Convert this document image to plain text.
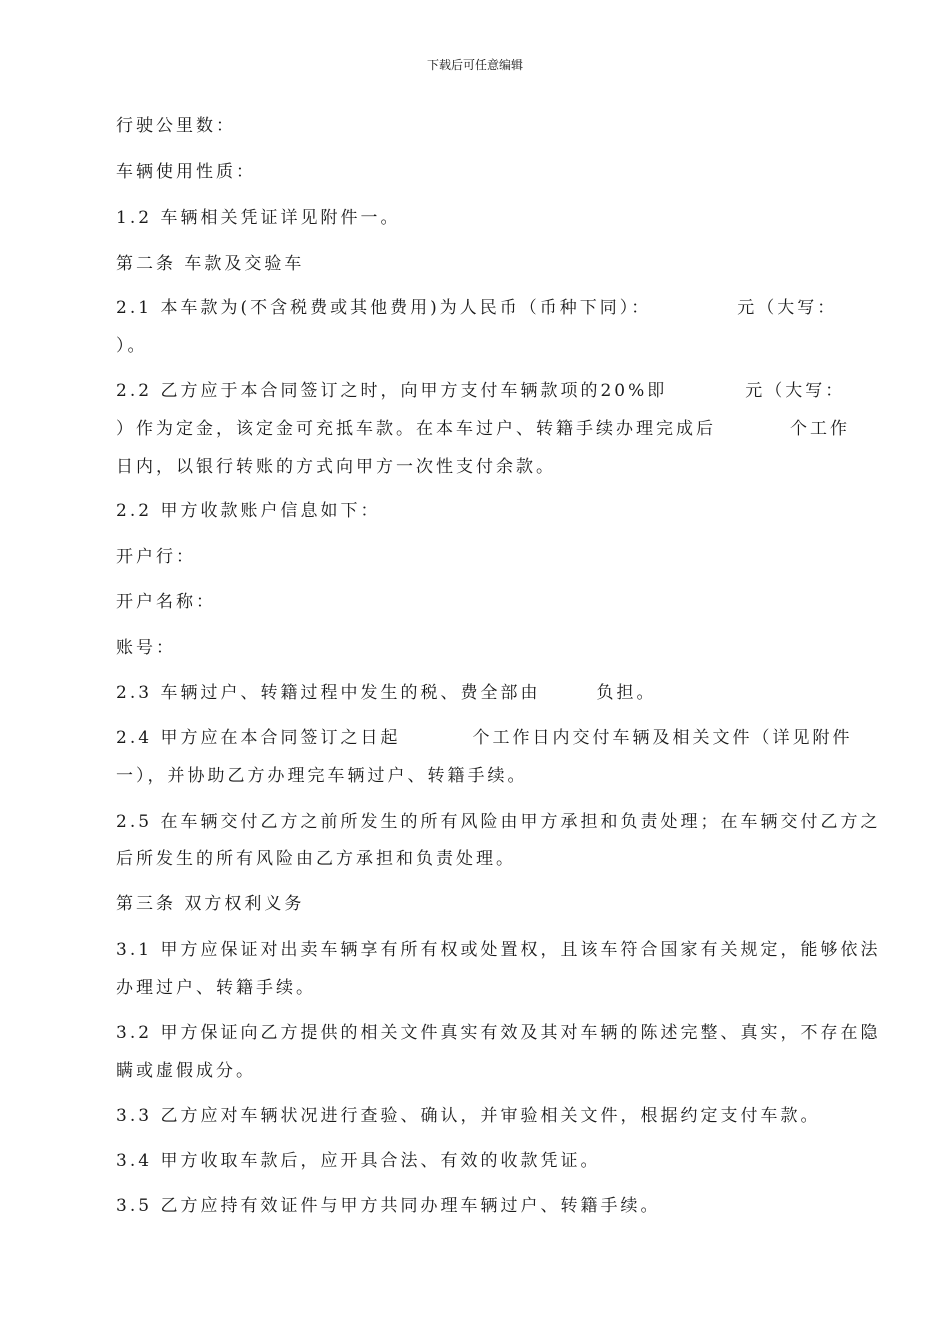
下载后可任意编辑
行驶公里数：
车辆使用性质：
1.2 车辆相关凭证详见附件一。
第二条 车款及交验车
2.1 本车款为(不含税费或其他费用)为人民币（币种下同）：	元（大写：
）。
2.2 乙方应于本合同签订之时，向甲方支付车辆款项的20%即	元（大写：
）作为定金，该定金可充抵车款。在本车过户、转籍手续办理完成后	个工作
日内，以银行转账的方式向甲方一次性支付余款。
2.2 甲方收款账户信息如下：
开户行：
开户名称：
账号：
2.3 车辆过户、转籍过程中发生的税、费全部由	负担。
2.4 甲方应在本合同签订之日起	个工作日内交付车辆及相关文件（详见附件
一），并协助乙方办理完车辆过户、转籍手续。
2.5 在车辆交付乙方之前所发生的所有风险由甲方承担和负责处理；在车辆交付乙方之
后所发生的所有风险由乙方承担和负责处理。
第三条 双方权利义务
3.1 甲方应保证对出卖车辆享有所有权或处置权，且该车符合国家有关规定，能够依法
办理过户、转籍手续。
3.2 甲方保证向乙方提供的相关文件真实有效及其对车辆的陈述完整、真实，不存在隐
瞒或虚假成分。
3.3 乙方应对车辆状况进行查验、确认，并审验相关文件，根据约定支付车款。
3.4 甲方收取车款后，应开具合法、有效的收款凭证。
3.5 乙方应持有效证件与甲方共同办理车辆过户、转籍手续。
